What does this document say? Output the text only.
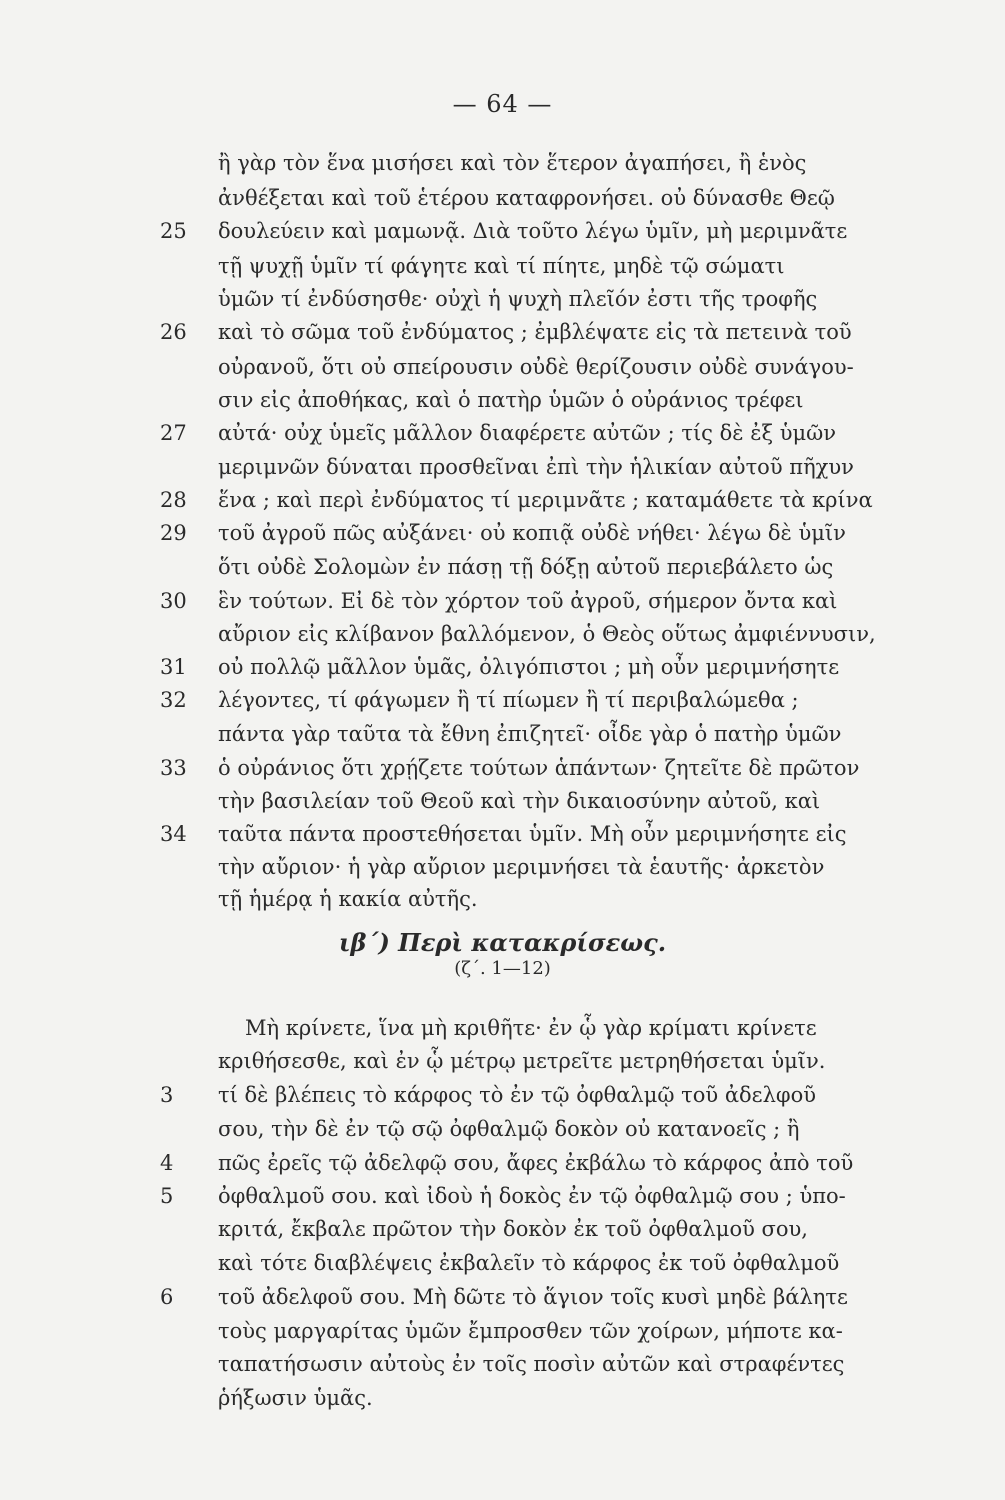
— 64 —
ἢ γὰρ τὸν ἕνα μισήσει καὶ τὸν ἕτερον ἀγαπήσει, ἢ ἑνὸς
ἀνθέξεται καὶ τοῦ ἑτέρου καταφρονήσει. οὐ δύνασθε Θεῷ
δουλεύειν καὶ μαμωνᾷ. Διὰ τοῦτο λέγω ὑμῖν, μὴ μεριμνᾶτε
τῇ ψυχῇ ὑμῖν τί φάγητε καὶ τί πίητε, μηδὲ τῷ σώματι
ὑμῶν τί ἐνδύσησθε· οὐχὶ ἡ ψυχὴ πλεῖόν ἐστι τῆς τροφῆς
καὶ τὸ σῶμα τοῦ ἐνδύματος ; ἐμβλέψατε εἰς τὰ πετεινὰ τοῦ
οὐρανοῦ, ὅτι οὐ σπείρουσιν οὐδὲ θερίζουσιν οὐδὲ συνάγου-
σιν εἰς ἀποθήκας, καὶ ὁ πατὴρ ὑμῶν ὁ οὐράνιος τρέφει
αὐτά· οὐχ ὑμεῖς μᾶλλον διαφέρετε αὐτῶν ; τίς δὲ ἐξ ὑμῶν
μεριμνῶν δύναται προσθεῖναι ἐπὶ τὴν ἡλικίαν αὐτοῦ πῆχυν
ἕνα ; καὶ περὶ ἐνδύματος τί μεριμνᾶτε ; καταμάθετε τὰ κρίνα
τοῦ ἀγροῦ πῶς αὐξάνει· οὐ κοπιᾷ οὐδὲ νήθει· λέγω δὲ ὑμῖν
ὅτι οὐδὲ Σολομὼν ἐν πάσῃ τῇ δόξῃ αὐτοῦ περιεβάλετο ὡς
ἓν τούτων. Εἰ δὲ τὸν χόρτον τοῦ ἀγροῦ, σήμερον ὄντα καὶ
αὔριον εἰς κλίβανον βαλλόμενον, ὁ Θεὸς οὕτως ἀμφιέννυσιν,
οὐ πολλῷ μᾶλλον ὑμᾶς, ὀλιγόπιστοι ; μὴ οὖν μεριμνήσητε
λέγοντες, τί φάγωμεν ἢ τί πίωμεν ἢ τί περιβαλώμεθα ;
πάντα γὰρ ταῦτα τὰ ἔθνη ἐπιζητεῖ· οἶδε γὰρ ὁ πατὴρ ὑμῶν
ὁ οὐράνιος ὅτι χρῄζετε τούτων ἁπάντων· ζητεῖτε δὲ πρῶτον
τὴν βασιλείαν τοῦ Θεοῦ καὶ τὴν δικαιοσύνην αὐτοῦ, καὶ
ταῦτα πάντα προστεθήσεται ὑμῖν. Μὴ οὖν μεριμνήσητε εἰς
τὴν αὔριον· ἡ γὰρ αὔριον μεριμνήσει τὰ ἑαυτῆς· ἀρκετὸν
τῇ ἡμέρᾳ ἡ κακία αὐτῆς.
25
26
27
28
29
30
31
32
33
34
ιβ΄) Περὶ κατακρίσεως.
(ζ΄. 1—12)
Μὴ κρίνετε, ἵνα μὴ κριθῆτε· ἐν ᾧ γὰρ κρίματι κρίνετε
κριθήσεσθε, καὶ ἐν ᾧ μέτρῳ μετρεῖτε μετρηθήσεται ὑμῖν.
τί δὲ βλέπεις τὸ κάρφος τὸ ἐν τῷ ὀφθαλμῷ τοῦ ἀδελφοῦ
σου, τὴν δὲ ἐν τῷ σῷ ὀφθαλμῷ δοκὸν οὐ κατανοεῖς ; ἢ
πῶς ἐρεῖς τῷ ἀδελφῷ σου, ἄφες ἐκβάλω τὸ κάρφος ἀπὸ τοῦ
ὀφθαλμοῦ σου. καὶ ἰδοὺ ἡ δοκὸς ἐν τῷ ὀφθαλμῷ σου ; ὑπο-
κριτά, ἔκβαλε πρῶτον τὴν δοκὸν ἐκ τοῦ ὀφθαλμοῦ σου,
καὶ τότε διαβλέψεις ἐκβαλεῖν τὸ κάρφος ἐκ τοῦ ὀφθαλμοῦ
τοῦ ἀδελφοῦ σου. Μὴ δῶτε τὸ ἅγιον τοῖς κυσὶ μηδὲ βάλητε
τοὺς μαργαρίτας ὑμῶν ἔμπροσθεν τῶν χοίρων, μήποτε κα-
ταπατήσωσιν αὐτοὺς ἐν τοῖς ποσὶν αὐτῶν καὶ στραφέντες
ῥήξωσιν ὑμᾶς.
3
4
5
6
